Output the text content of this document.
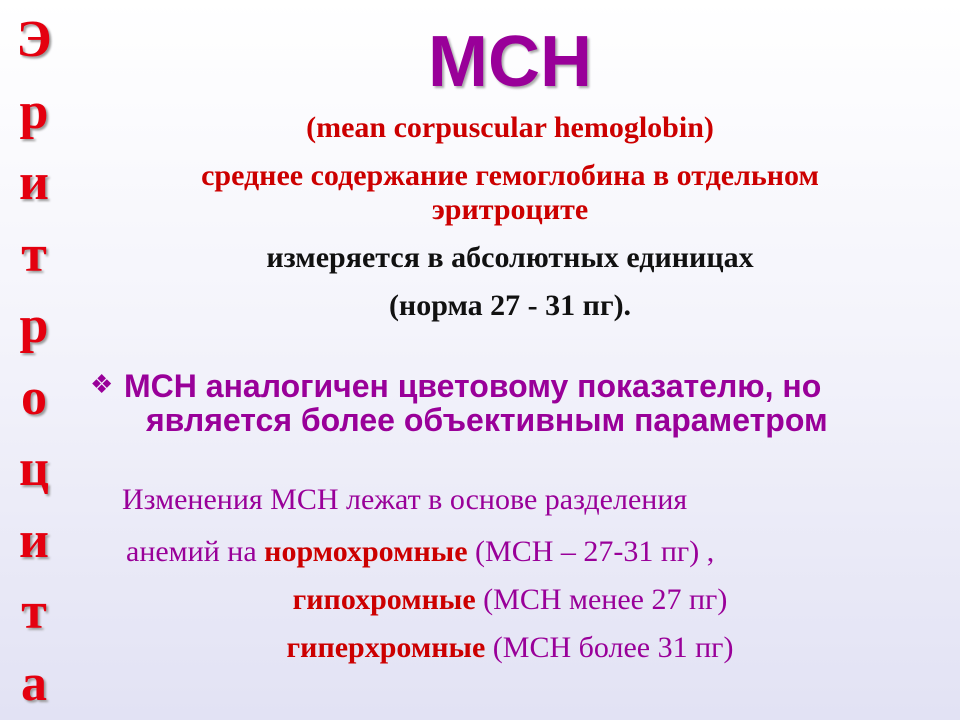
Э
р
и
т
р
о
ц
и
т
а
MCH
(mean corpuscular hemoglobin)
среднее содержание гемоглобина в отдельном
эритроците
измеряется в абсолютных единицах
(норма 27 - 31 пг).
❖ MCH аналогичен цветовому показателю, но
является более объективным параметром
Изменения MCH лежат в основе разделения
анемий на нормохромные (MCH – 27-31 пг) ,
гипохромные (MCH менее 27 пг)
гиперхромные (MCH более 31 пг)
